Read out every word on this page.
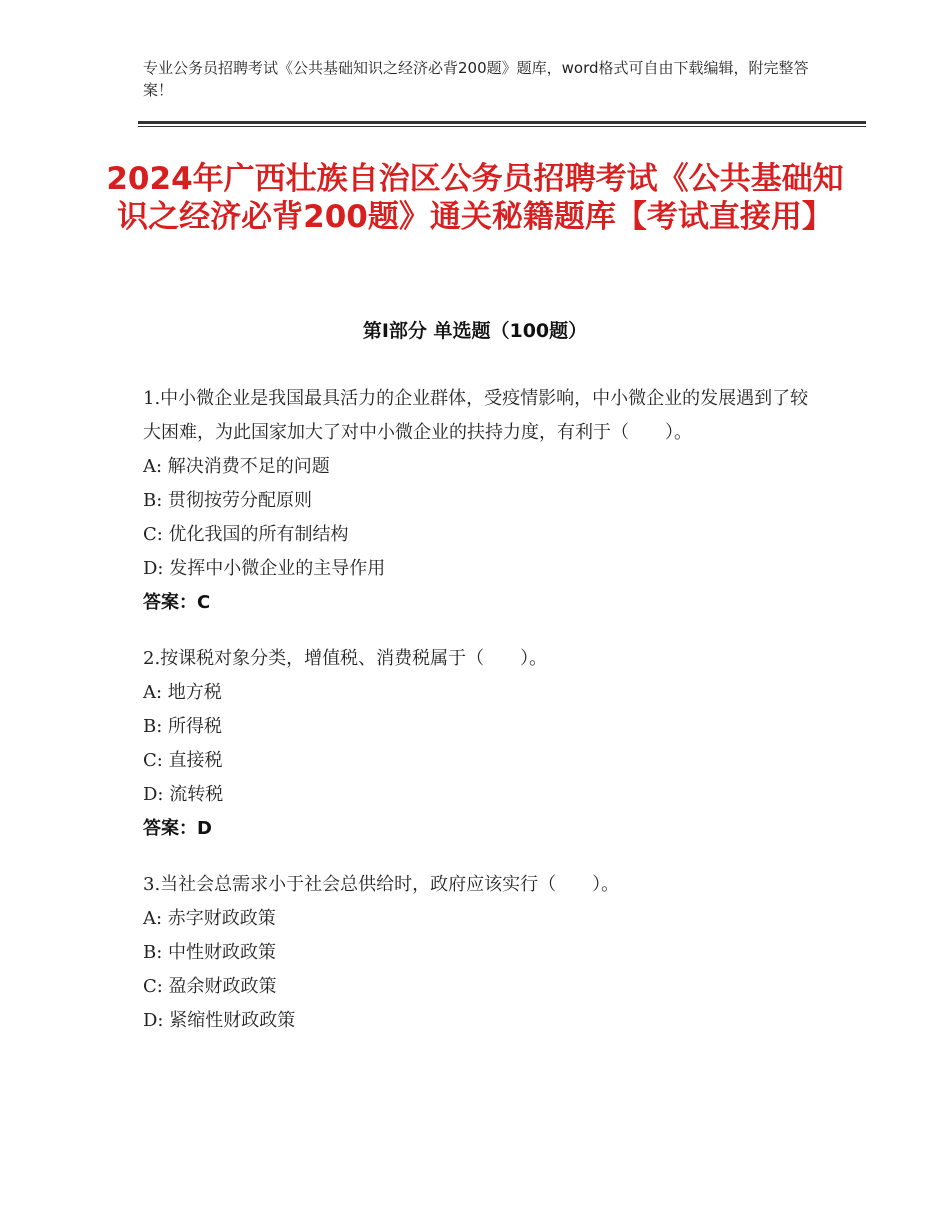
专业公务员招聘考试《公共基础知识之经济必背200题》题库，word格式可自由下载编辑，附完整答案！
2024年广西壮族自治区公务员招聘考试《公共基础知识之经济必背200题》通关秘籍题库【考试直接用】
第Ⅰ部分 单选题（100题）
1.中小微企业是我国最具活力的企业群体，受疫情影响，中小微企业的发展遇到了较大困难，为此国家加大了对中小微企业的扶持力度，有利于（　　）。
A: 解决消费不足的问题
B: 贯彻按劳分配原则
C: 优化我国的所有制结构
D: 发挥中小微企业的主导作用
答案：C
2.按课税对象分类，增值税、消费税属于（　　）。
A: 地方税
B: 所得税
C: 直接税
D: 流转税
答案：D
3.当社会总需求小于社会总供给时，政府应该实行（　　）。
A: 赤字财政政策
B: 中性财政政策
C: 盈余财政政策
D: 紧缩性财政政策
